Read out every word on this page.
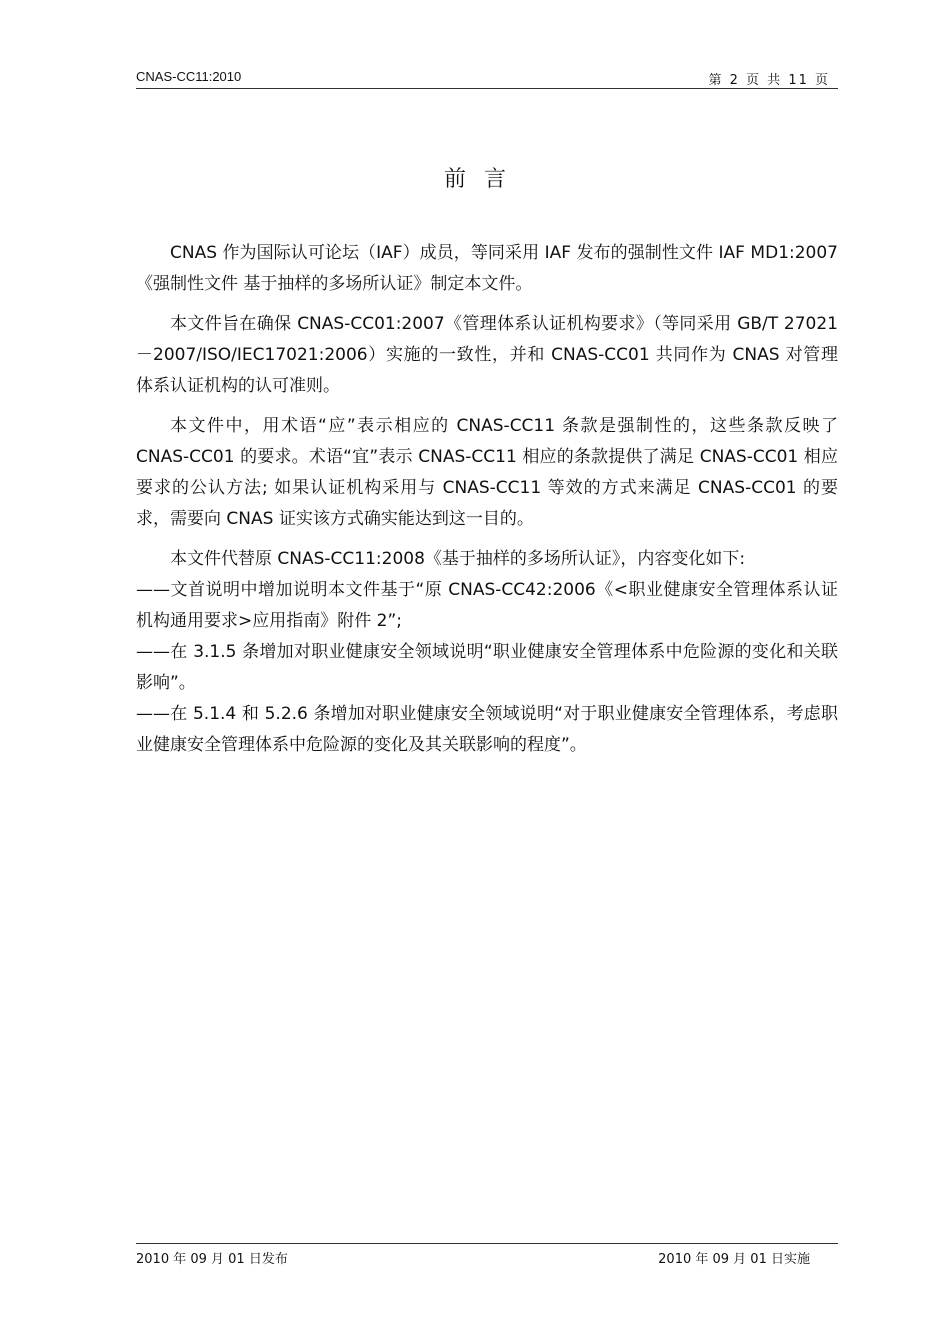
CNAS-CC11:2010	第 2 页 共 11 页
前言

CNAS 作为国际认可论坛（IAF）成员，等同采用 IAF 发布的强制性文件 IAF MD1:2007《强制性文件 基于抽样的多场所认证》制定本文件。

本文件旨在确保 CNAS-CC01:2007《管理体系认证机构要求》（等同采用 GB/T 27021－2007/ISO/IEC17021:2006）实施的一致性，并和 CNAS-CC01 共同作为 CNAS 对管理体系认证机构的认可准则。

本文件中，用术语“应”表示相应的 CNAS-CC11 条款是强制性的，这些条款反映了 CNAS-CC01 的要求。术语“宜”表示 CNAS-CC11 相应的条款提供了满足 CNAS-CC01 相应要求的公认方法; 如果认证机构采用与 CNAS-CC11 等效的方式来满足 CNAS-CC01 的要求，需要向 CNAS 证实该方式确实能达到这一目的。

本文件代替原 CNAS-CC11:2008《基于抽样的多场所认证》，内容变化如下:

——文首说明中增加说明本文件基于“原 CNAS-CC42:2006《<职业健康安全管理体系认证机构通用要求>应用指南》附件 2”;

——在 3.1.5 条增加对职业健康安全领域说明“职业健康安全管理体系中危险源的变化和关联影响”。

——在 5.1.4 和 5.2.6 条增加对职业健康安全领域说明“对于职业健康安全管理体系，考虑职业健康安全管理体系中危险源的变化及其关联影响的程度”。

2010 年 09 月 01 日发布	2010 年 09 月 01 日实施
